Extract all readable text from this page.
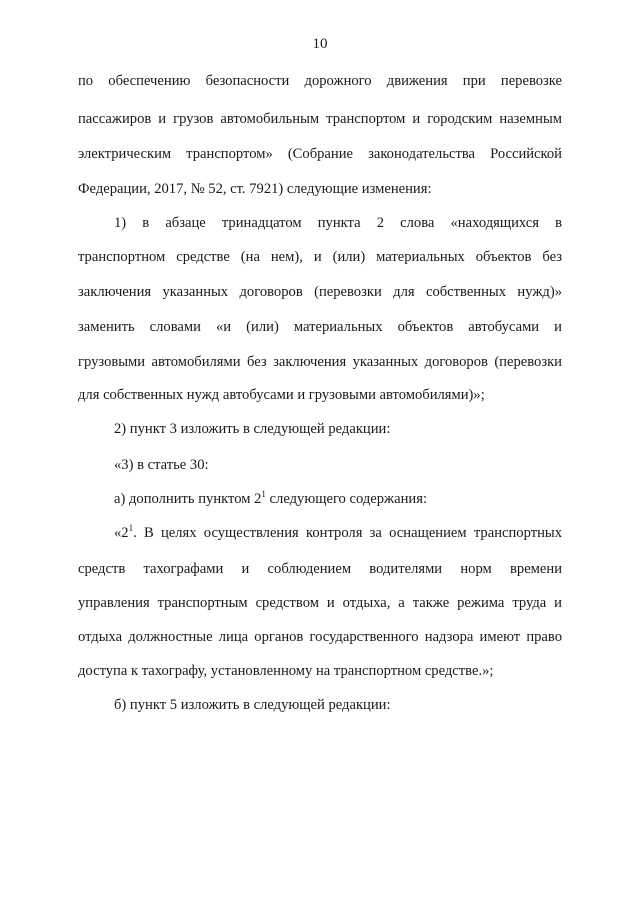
10
по обеспечению безопасности дорожного движения при перевозке
пассажиров и грузов автомобильным транспортом и городским наземным
электрическим транспортом» (Собрание законодательства Российской
Федерации, 2017, № 52, ст. 7921) следующие изменения:
1) в абзаце тринадцатом пункта 2 слова «находящихся в
транспортном средстве (на нем), и (или) материальных объектов без
заключения указанных договоров (перевозки для собственных нужд)»
заменить словами «и (или) материальных объектов автобусами и
грузовыми автомобилями без заключения указанных договоров (перевозки
для собственных нужд автобусами и грузовыми автомобилями)»;
2) пункт 3 изложить в следующей редакции:
«3) в статье 30:
а) дополнить пунктом $2^1$ следующего содержания:
«$2^1$. В целях осуществления контроля за оснащением транспортных
средств тахографами и соблюдением водителями норм времени
управления транспортным средством и отдыха, а также режима труда и
отдыха должностные лица органов государственного надзора имеют право
доступа к тахографу, установленному на транспортном средстве.»;
б) пункт 5 изложить в следующей редакции:
